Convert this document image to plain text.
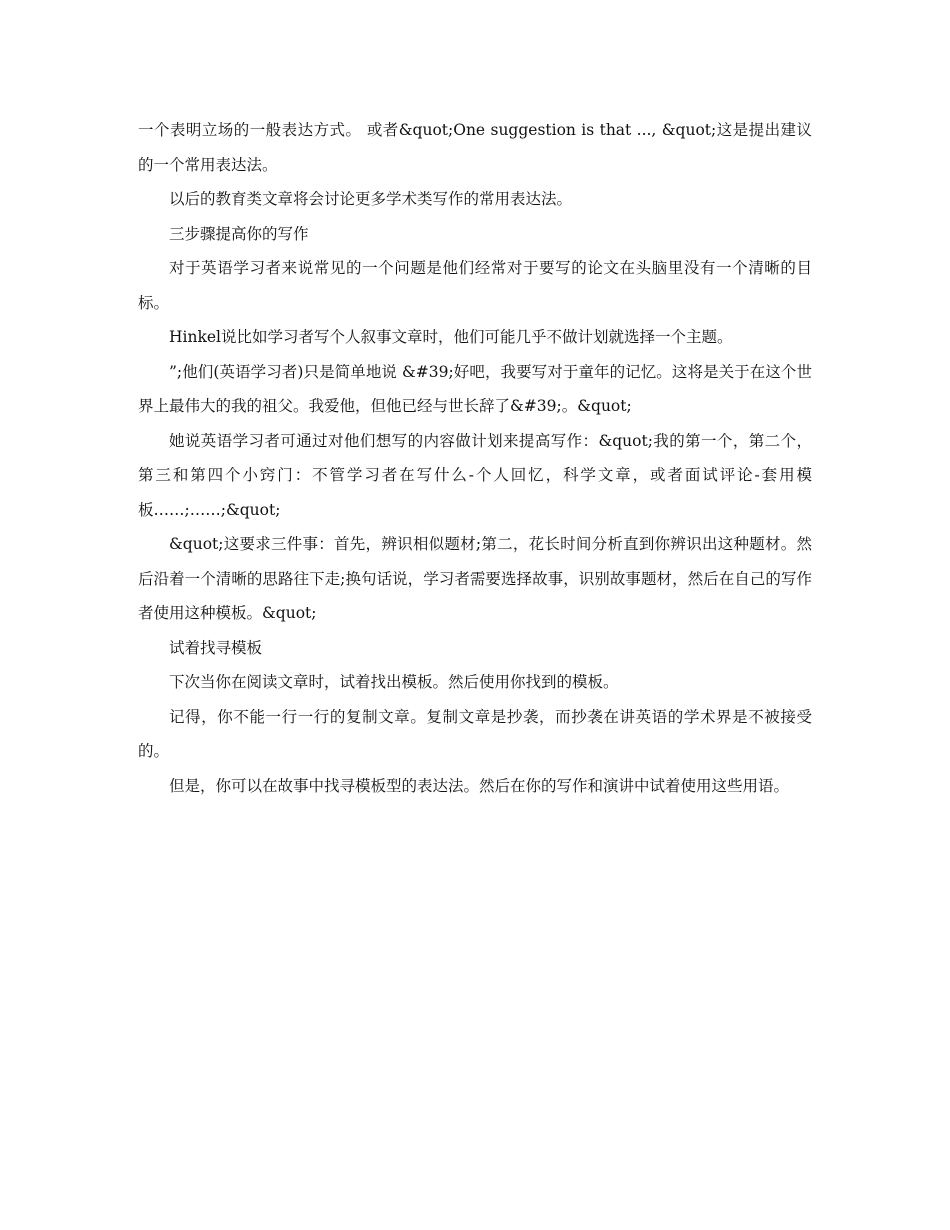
一个表明立场的一般表达方式。 或者&quot;One suggestion is that ..., &quot;这是提出建议的一个常用表达法。

以后的教育类文章将会讨论更多学术类写作的常用表达法。

三步骤提高你的写作

对于英语学习者来说常见的一个问题是他们经常对于要写的论文在头脑里没有一个清晰的目标。

Hinkel说比如学习者写个人叙事文章时，他们可能几乎不做计划就选择一个主题。

”;他们(英语学习者)只是简单地说 &#39;好吧，我要写对于童年的记忆。这将是关于在这个世界上最伟大的我的祖父。我爱他，但他已经与世长辞了&#39;。&quot;

她说英语学习者可通过对他们想写的内容做计划来提高写作：&quot;我的第一个，第二个，第三和第四个小窍门：不管学习者在写什么-个人回忆，科学文章，或者面试评论-套用模板……;……;&quot;

&quot;这要求三件事：首先，辨识相似题材;第二，花长时间分析直到你辨识出这种题材。然后沿着一个清晰的思路往下走;换句话说，学习者需要选择故事，识别故事题材，然后在自己的写作者使用这种模板。&quot;

试着找寻模板

下次当你在阅读文章时，试着找出模板。然后使用你找到的模板。

记得，你不能一行一行的复制文章。复制文章是抄袭，而抄袭在讲英语的学术界是不被接受的。

但是，你可以在故事中找寻模板型的表达法。然后在你的写作和演讲中试着使用这些用语。
